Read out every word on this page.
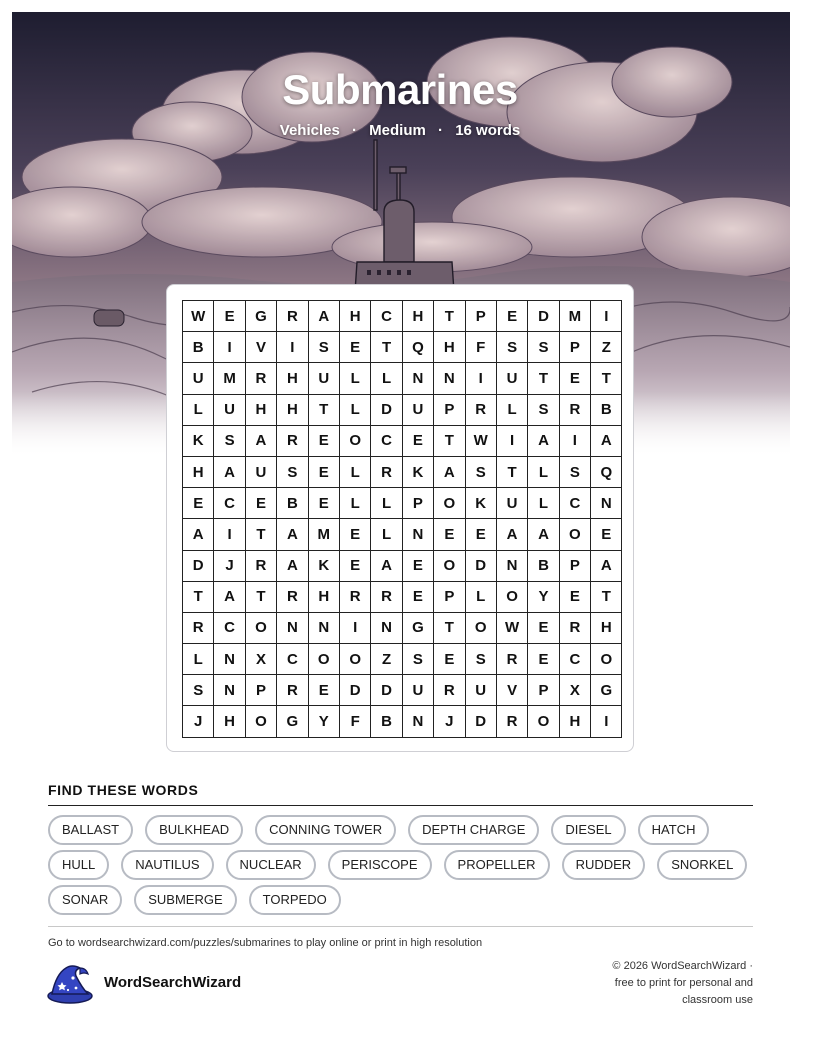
Submarines
Vehicles · Medium · 16 words
W	E	G	R	A	H	C	H	T	P	E	D	M	I
B	I	V	I	S	E	T	Q	H	F	S	S	P	Z
U	M	R	H	U	L	L	N	N	I	U	T	E	T
L	U	H	H	T	L	D	U	P	R	L	S	R	B
K	S	A	R	E	O	C	E	T	W	I	A	I	A
H	A	U	S	E	L	R	K	A	S	T	L	S	Q
E	C	E	B	E	L	L	P	O	K	U	L	C	N
A	I	T	A	M	E	L	N	E	E	A	A	O	E
D	J	R	A	K	E	A	E	O	D	N	B	P	A
T	A	T	R	H	R	R	E	P	L	O	Y	E	T
R	C	O	N	N	I	N	G	T	O	W	E	R	H
L	N	X	C	O	O	Z	S	E	S	R	E	C	O
S	N	P	R	E	D	D	U	R	U	V	P	X	G
J	H	O	G	Y	F	B	N	J	D	R	O	H	I
FIND THESE WORDS
BALLAST	BULKHEAD	CONNING TOWER	DEPTH CHARGE	DIESEL	HATCH
HULL	NAUTILUS	NUCLEAR	PERISCOPE	PROPELLER	RUDDER	SNORKEL
SONAR	SUBMERGE	TORPEDO
Go to wordsearchwizard.com/puzzles/submarines to play online or print in high resolution
WordSearchWizard
© 2026 WordSearchWizard ·
free to print for personal and
classroom use
